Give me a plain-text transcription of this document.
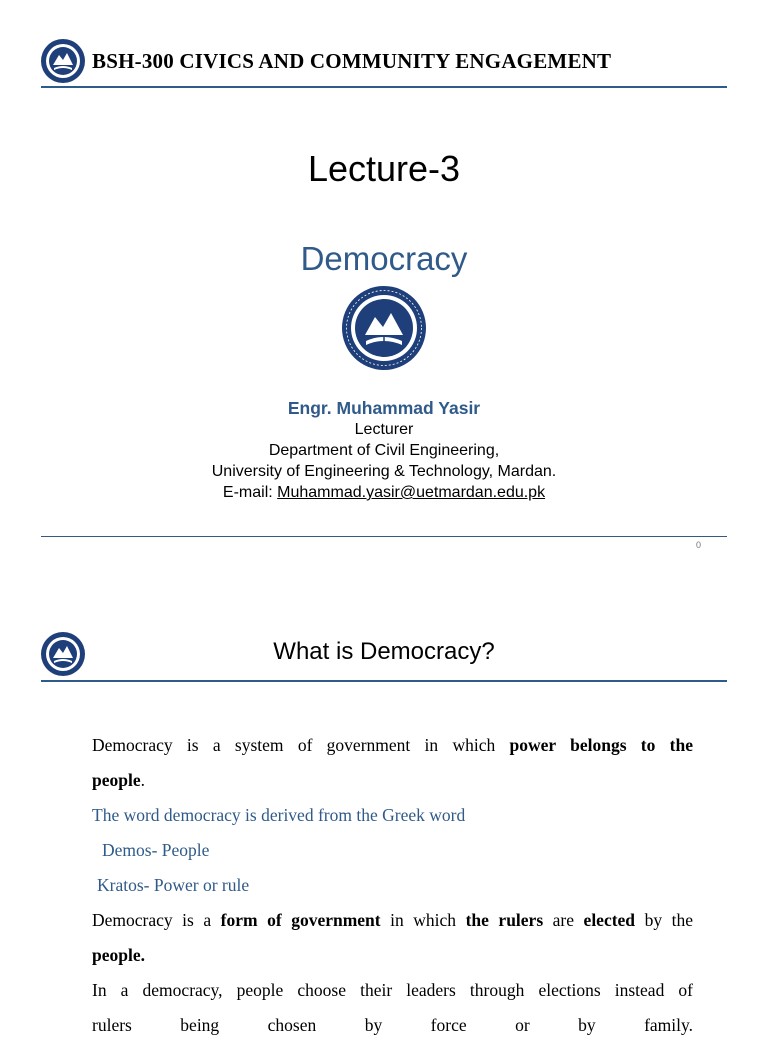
BSH-300 CIVICS AND COMMUNITY ENGAGEMENT
Lecture-3
Democracy
Engr. Muhammad Yasir
Lecturer
Department of Civil Engineering,
University of Engineering & Technology, Mardan.
E-mail: Muhammad.yasir@uetmardan.edu.pk
0
What is Democracy?

Democracy is a system of government in which power belongs to the

people.

The word democracy is derived from the Greek word

Demos- People

Kratos- Power or rule

Democracy is a form of government in which the rulers are elected by the

people.

In a democracy, people choose their leaders through elections instead of

rulers being chosen by force or by family.
